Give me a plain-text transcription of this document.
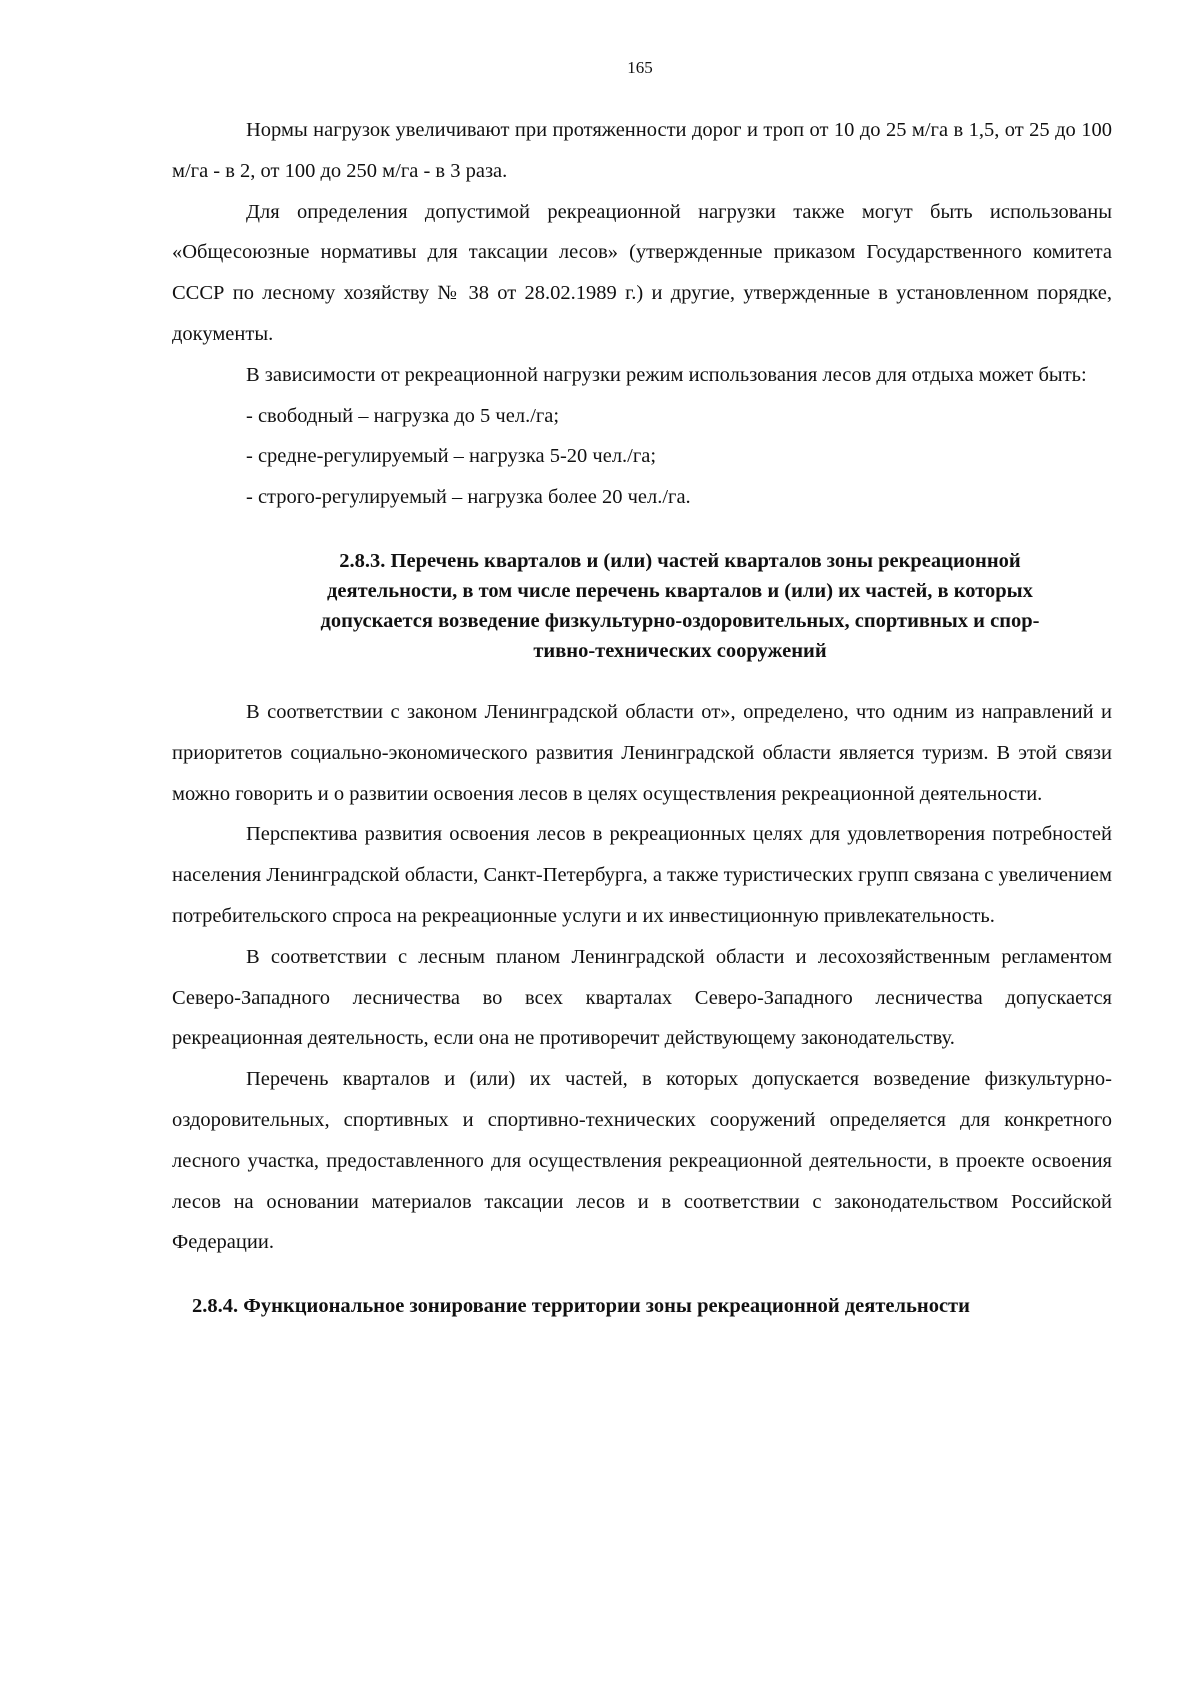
165

Нормы нагрузок увеличивают при протяженности дорог и троп от 10 до 25 м/га в 1,5, от 25 до 100 м/га - в 2, от 100 до 250 м/га - в 3 раза.

Для определения допустимой рекреационной нагрузки также могут быть использованы «Общесоюзные нормативы для таксации лесов» (утвержденные приказом Государственного комитета СССР по лесному хозяйству № 38 от 28.02.1989 г.) и другие, утвержденные в установленном порядке, документы.

В зависимости от рекреационной нагрузки режим использования лесов для отдыха может быть:

- свободный – нагрузка до 5 чел./га;

- средне-регулируемый – нагрузка 5-20 чел./га;

- строго-регулируемый – нагрузка более 20 чел./га.

2.8.3. Перечень кварталов и (или) частей кварталов зоны рекреационной
деятельности, в том числе перечень кварталов и (или) их частей, в которых
допускается возведение физкультурно-оздоровительных, спортивных и спор-
тивно-технических сооружений

В соответствии с законом Ленинградской области от», определено, что одним из направлений и приоритетов социально-экономического развития Ленинградской области является туризм. В этой связи можно говорить и о развитии освоения лесов в целях осуществления рекреационной деятельности.

Перспектива развития освоения лесов в рекреационных целях для удовлетворения потребностей населения Ленинградской области, Санкт-Петербурга, а также туристических групп связана с увеличением потребительского спроса на рекреационные услуги и их инвестиционную привлекательность.

В соответствии с лесным планом Ленинградской области и лесохозяйственным регламентом Северо-Западного лесничества во всех кварталах Северо-Западного лесничества допускается рекреационная деятельность, если она не противоречит действующему законодательству.

Перечень кварталов и (или) их частей, в которых допускается возведение физкультурно-оздоровительных, спортивных и спортивно-технических сооружений определяется для конкретного лесного участка, предоставленного для осуществления рекреационной деятельности, в проекте освоения лесов на основании материалов таксации лесов и в соответствии с законодательством Российской Федерации.

2.8.4. Функциональное зонирование территории зоны рекреационной деятельности
